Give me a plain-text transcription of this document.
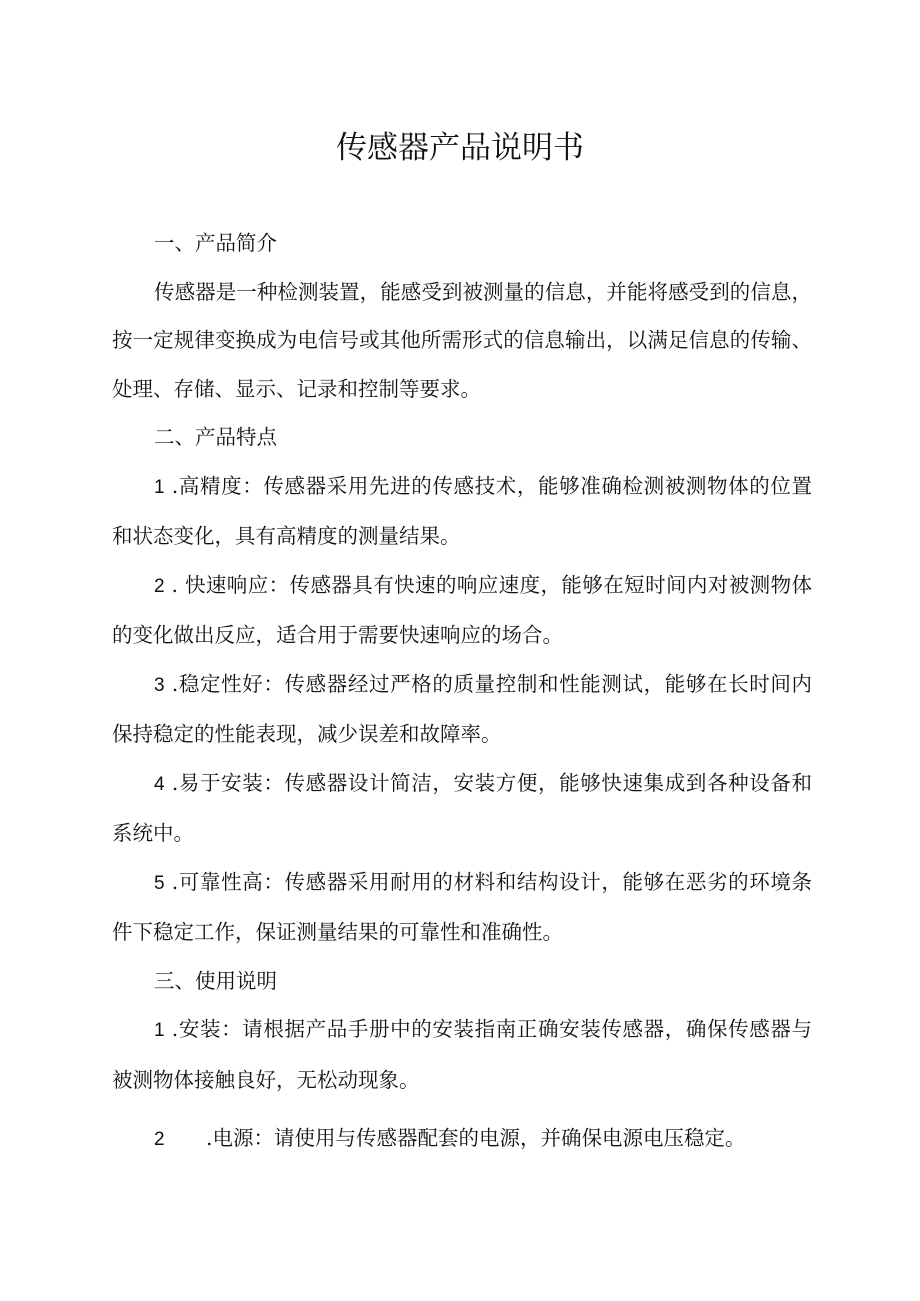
传感器产品说明书

一、产品简介

传感器是一种检测装置，能感受到被测量的信息，并能将感受到的信息，按一定规律变换成为电信号或其他所需形式的信息输出，以满足信息的传输、处理、存储、显示、记录和控制等要求。

二、产品特点

1 .高精度：传感器采用先进的传感技术，能够准确检测被测物体的位置和状态变化，具有高精度的测量结果。

2 . 快速响应：传感器具有快速的响应速度，能够在短时间内对被测物体的变化做出反应，适合用于需要快速响应的场合。

3 .稳定性好：传感器经过严格的质量控制和性能测试，能够在长时间内保持稳定的性能表现，减少误差和故障率。

4 .易于安装：传感器设计简洁，安装方便，能够快速集成到各种设备和系统中。

5 .可靠性高：传感器采用耐用的材料和结构设计，能够在恶劣的环境条件下稳定工作，保证测量结果的可靠性和准确性。

三、使用说明

1 .安装：请根据产品手册中的安装指南正确安装传感器，确保传感器与被测物体接触良好，无松动现象。

2 .电源：请使用与传感器配套的电源，并确保电源电压稳定。
